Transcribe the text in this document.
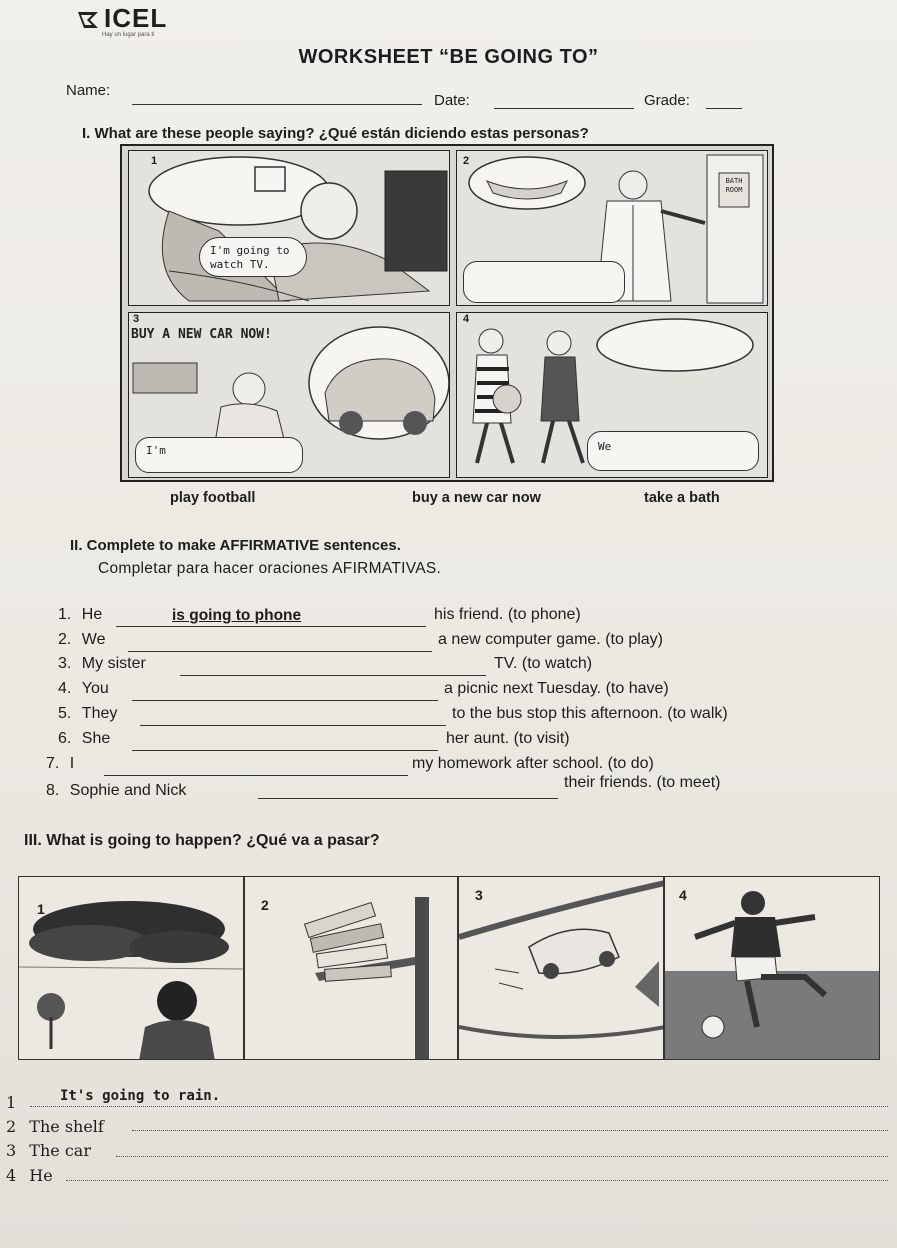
ICEL
Hay un lugar para ti
WORKSHEET “BE GOING TO”
Name:
Date:	Grade:
I. What are these people saying? ¿Qué están diciendo estas personas?
1
I'm going to watch TV.
2
BATH ROOM
3
BUY A NEW CAR NOW!
I'm
4
We
play football	buy a new car now	take a bath
II. Complete to make AFFIRMATIVE sentences.
Completar para hacer oraciones AFIRMATIVAS.
1. He	is going to phone	his friend. (to phone)
2. We	a new computer game. (to play)
3. My sister	TV. (to watch)
4. You	a picnic next Tuesday. (to have)
5. They	to the bus stop this afternoon. (to walk)
6. She	her aunt. (to visit)
7. I	my homework after school. (to do)
8. Sophie and Nick	their friends. (to meet)
III. What is going to happen? ¿Qué va a pasar?
1	2
3	4
1	It's going to rain.
2 The shelf
3 The car
4 He
